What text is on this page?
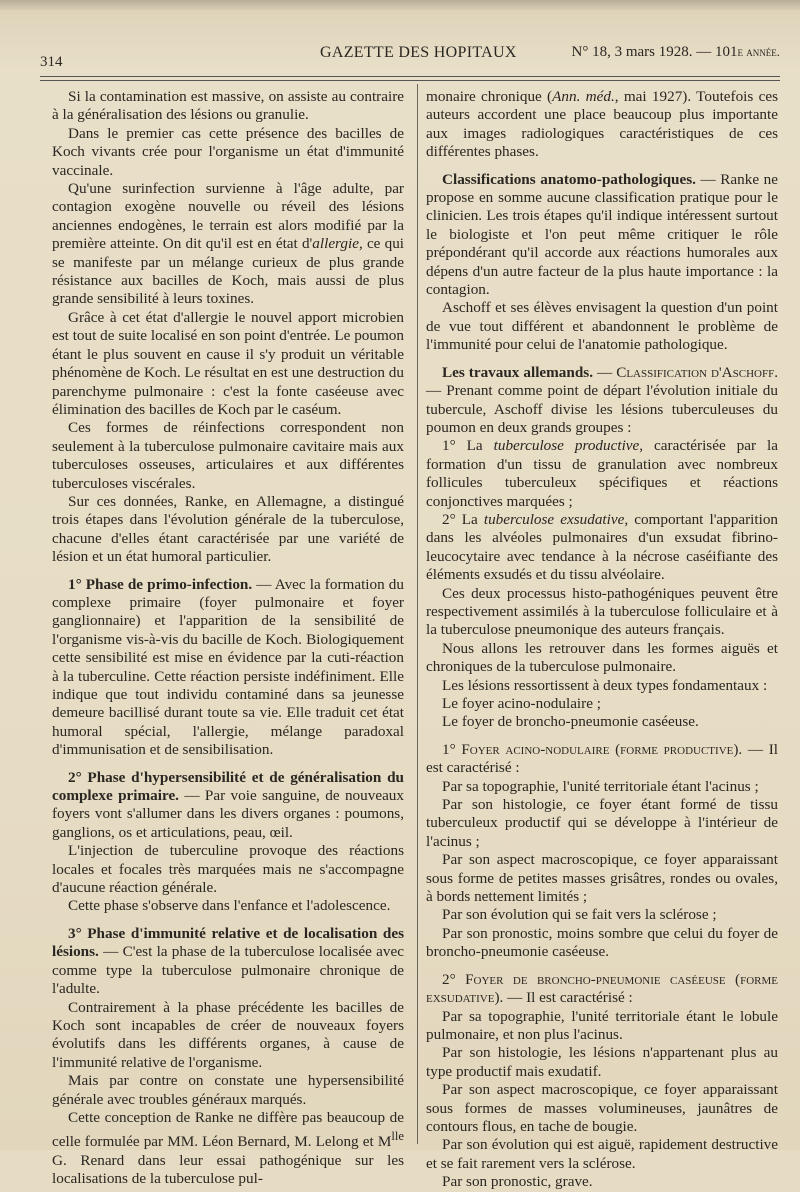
314
GAZETTE DES HOPITAUX	N° 18, 3 mars 1928. — 101e année.

Si la contamination est massive, on assiste au contraire à la généralisation des lésions ou granulie.

Dans le premier cas cette présence des bacilles de Koch vivants crée pour l'organisme un état d'immunité vaccinale.

Qu'une surinfection survienne à l'âge adulte, par contagion exogène nouvelle ou réveil des lésions anciennes endogènes, le terrain est alors modifié par la première atteinte. On dit qu'il est en état d'allergie, ce qui se manifeste par un mélange curieux de plus grande résistance aux bacilles de Koch, mais aussi de plus grande sensibilité à leurs toxines.

Grâce à cet état d'allergie le nouvel apport microbien est tout de suite localisé en son point d'entrée. Le poumon étant le plus souvent en cause il s'y produit un véritable phénomène de Koch. Le résultat en est une destruction du parenchyme pulmonaire : c'est la fonte caséeuse avec élimination des bacilles de Koch par le caséum.

Ces formes de réinfections correspondent non seulement à la tuberculose pulmonaire cavitaire mais aux tuberculoses osseuses, articulaires et aux différentes tuberculoses viscérales.

Sur ces données, Ranke, en Allemagne, a distingué trois étapes dans l'évolution générale de la tuberculose, chacune d'elles étant caractérisée par une variété de lésion et un état humoral particulier.

1° Phase de primo-infection. — Avec la formation du complexe primaire (foyer pulmonaire et foyer ganglionnaire) et l'apparition de la sensibilité de l'organisme vis-à-vis du bacille de Koch. Biologiquement cette sensibilité est mise en évidence par la cuti-réaction à la tuberculine. Cette réaction persiste indéfiniment. Elle indique que tout individu contaminé dans sa jeunesse demeure bacillisé durant toute sa vie. Elle traduit cet état humoral spécial, l'allergie, mélange paradoxal d'immunisation et de sensibilisation.

2° Phase d'hypersensibilité et de généralisation du complexe primaire. — Par voie sanguine, de nouveaux foyers vont s'allumer dans les divers organes : poumons, ganglions, os et articulations, peau, œil.

L'injection de tuberculine provoque des réactions locales et focales très marquées mais ne s'accompagne d'aucune réaction générale.

Cette phase s'observe dans l'enfance et l'adolescence.

3° Phase d'immunité relative et de localisation des lésions. — C'est la phase de la tuberculose localisée avec comme type la tuberculose pulmonaire chronique de l'adulte.

Contrairement à la phase précédente les bacilles de Koch sont incapables de créer de nouveaux foyers évolutifs dans les différents organes, à cause de l'immunité relative de l'organisme.

Mais par contre on constate une hypersensibilité générale avec troubles généraux marqués.

Cette conception de Ranke ne diffère pas beaucoup de celle formulée par MM. Léon Bernard, M. Lelong et $M^{lle}$ G. Renard dans leur essai pathogénique sur les localisations de la tuberculose pul-

monaire chronique (Ann. méd., mai 1927). Toutefois ces auteurs accordent une place beaucoup plus importante aux images radiologiques caractéristiques de ces différentes phases.

Classifications anatomo-pathologiques. — Ranke ne propose en somme aucune classification pratique pour le clinicien. Les trois étapes qu'il indique intéressent surtout le biologiste et l'on peut même critiquer le rôle prépondérant qu'il accorde aux réactions humorales aux dépens d'un autre facteur de la plus haute importance : la contagion.

Aschoff et ses élèves envisagent la question d'un point de vue tout différent et abandonnent le problème de l'immunité pour celui de l'anatomie pathologique.

Les travaux allemands. — Classification d'Aschoff. — Prenant comme point de départ l'évolution initiale du tubercule, Aschoff divise les lésions tuberculeuses du poumon en deux grands groupes :

1° La tuberculose productive, caractérisée par la formation d'un tissu de granulation avec nombreux follicules tuberculeux spécifiques et réactions conjonctives marquées ;

2° La tuberculose exsudative, comportant l'apparition dans les alvéoles pulmonaires d'un exsudat fibrino-leucocytaire avec tendance à la nécrose caséifiante des éléments exsudés et du tissu alvéolaire.

Ces deux processus histo-pathogéniques peuvent être respectivement assimilés à la tuberculose folliculaire et à la tuberculose pneumonique des auteurs français.

Nous allons les retrouver dans les formes aiguës et chroniques de la tuberculose pulmonaire.

Les lésions ressortissent à deux types fondamentaux :

Le foyer acino-nodulaire ;

Le foyer de broncho-pneumonie caséeuse.

1° Foyer acino-nodulaire (forme productive). — Il est caractérisé :

Par sa topographie, l'unité territoriale étant l'acinus ;

Par son histologie, ce foyer étant formé de tissu tuberculeux productif qui se développe à l'intérieur de l'acinus ;

Par son aspect macroscopique, ce foyer apparaissant sous forme de petites masses grisâtres, rondes ou ovales, à bords nettement limités ;

Par son évolution qui se fait vers la sclérose ;

Par son pronostic, moins sombre que celui du foyer de broncho-pneumonie caséeuse.

2° Foyer de broncho-pneumonie caséeuse (forme exsudative). — Il est caractérisé :

Par sa topographie, l'unité territoriale étant le lobule pulmonaire, et non plus l'acinus.

Par son histologie, les lésions n'appartenant plus au type productif mais exudatif.

Par son aspect macroscopique, ce foyer apparaissant sous formes de masses volumineuses, jaunâtres de contours flous, en tache de bougie.

Par son évolution qui est aiguë, rapidement destructive et se fait rarement vers la sclérose.

Par son pronostic, grave.
